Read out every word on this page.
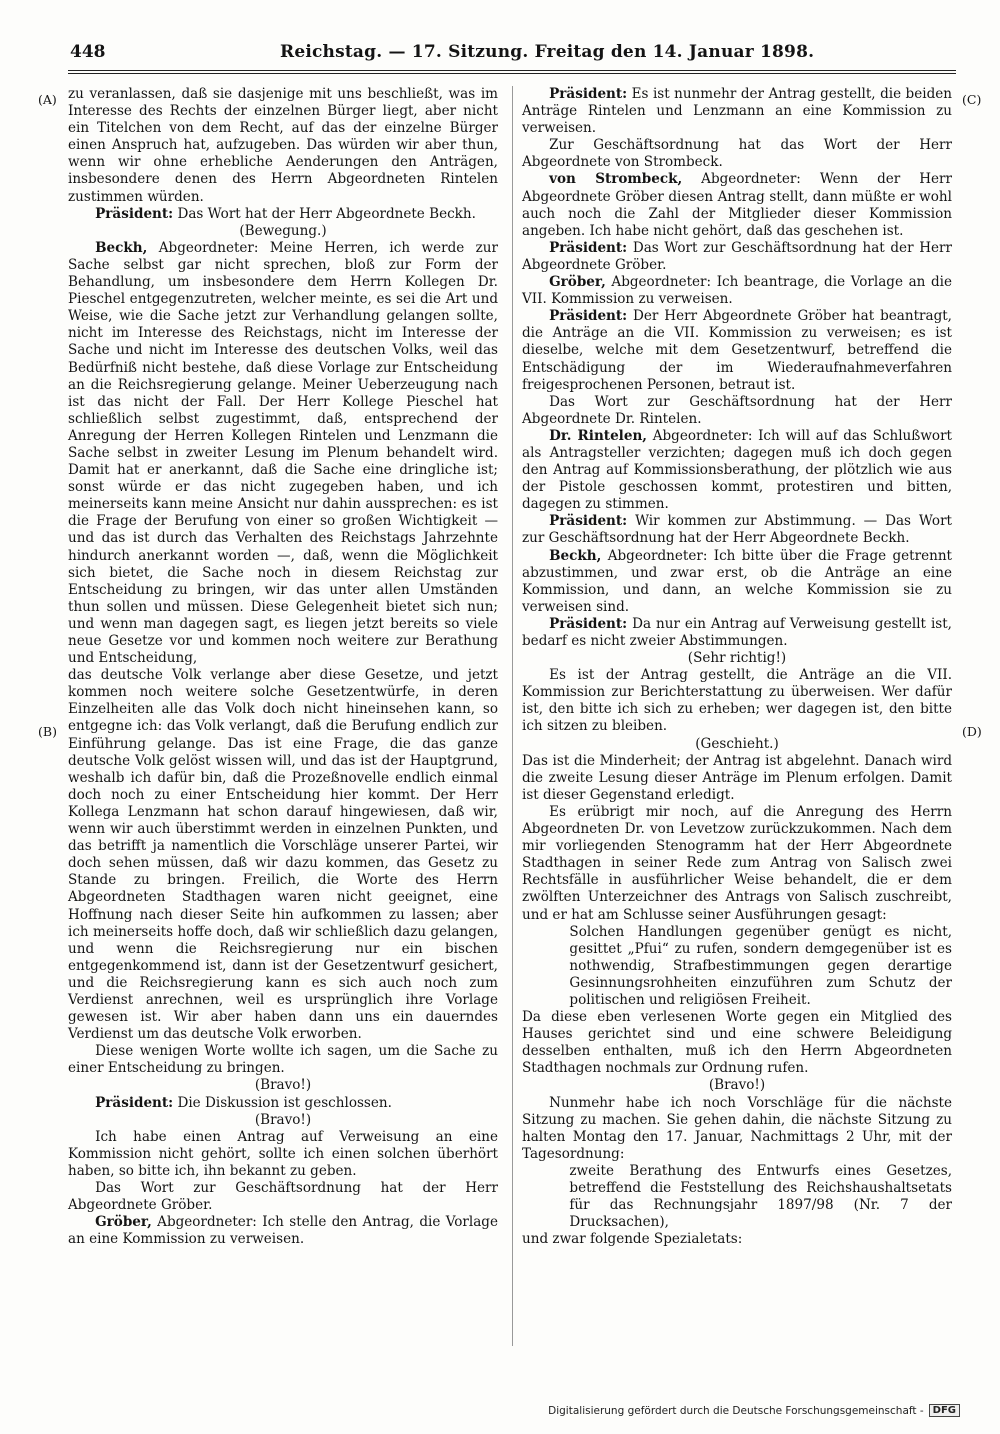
448	Reichstag. — 17. Sitzung. Freitag den 14. Januar 1898.
(A)
(B)
(C)
(D)

zu veranlassen, daß sie dasjenige mit uns beschließt, was im Interesse des Rechts der einzelnen Bürger liegt, aber nicht ein Titelchen von dem Recht, auf das der einzelne Bürger einen Anspruch hat, aufzugeben. Das würden wir aber thun, wenn wir ohne erhebliche Aenderungen den Anträgen, insbesondere denen des Herrn Abgeordneten Rintelen zustimmen würden.

Präsident: Das Wort hat der Herr Abgeordnete Beckh.

(Bewegung.)

Beckh, Abgeordneter: Meine Herren, ich werde zur Sache selbst gar nicht sprechen, bloß zur Form der Behandlung, um insbesondere dem Herrn Kollegen Dr. Pieschel entgegenzutreten, welcher meinte, es sei die Art und Weise, wie die Sache jetzt zur Verhandlung gelangen sollte, nicht im Interesse des Reichstags, nicht im Interesse der Sache und nicht im Interesse des deutschen Volks, weil das Bedürfniß nicht bestehe, daß diese Vorlage zur Entscheidung an die Reichsregierung gelange. Meiner Ueberzeugung nach ist das nicht der Fall. Der Herr Kollege Pieschel hat schließlich selbst zugestimmt, daß, entsprechend der Anregung der Herren Kollegen Rintelen und Lenzmann die Sache selbst in zweiter Lesung im Plenum behandelt wird. Damit hat er anerkannt, daß die Sache eine dringliche ist; sonst würde er das nicht zugegeben haben, und ich meinerseits kann meine Ansicht nur dahin aussprechen: es ist die Frage der Berufung von einer so großen Wichtigkeit — und das ist durch das Verhalten des Reichstags Jahrzehnte hindurch anerkannt worden —, daß, wenn die Möglichkeit sich bietet, die Sache noch in diesem Reichstag zur Entscheidung zu bringen, wir das unter allen Umständen thun sollen und müssen. Diese Gelegenheit bietet sich nun; und wenn man dagegen sagt, es liegen jetzt bereits so viele neue Gesetze vor und kommen noch weitere zur Berathung und Entscheidung,

das deutsche Volk verlange aber diese Gesetze, und jetzt kommen noch weitere solche Gesetzentwürfe, in deren Einzelheiten alle das Volk doch nicht hineinsehen kann, so entgegne ich: das Volk verlangt, daß die Berufung endlich zur Einführung gelange. Das ist eine Frage, die das ganze deutsche Volk gelöst wissen will, und das ist der Hauptgrund, weshalb ich dafür bin, daß die Prozeßnovelle endlich einmal doch noch zu einer Entscheidung hier kommt. Der Herr Kollega Lenzmann hat schon darauf hingewiesen, daß wir, wenn wir auch überstimmt werden in einzelnen Punkten, und das betrifft ja namentlich die Vorschläge unserer Partei, wir doch sehen müssen, daß wir dazu kommen, das Gesetz zu Stande zu bringen. Freilich, die Worte des Herrn Abgeordneten Stadthagen waren nicht geeignet, eine Hoffnung nach dieser Seite hin aufkommen zu lassen; aber ich meinerseits hoffe doch, daß wir schließlich dazu gelangen, und wenn die Reichsregierung nur ein bischen entgegenkommend ist, dann ist der Gesetzentwurf gesichert, und die Reichsregierung kann es sich auch noch zum Verdienst anrechnen, weil es ursprünglich ihre Vorlage gewesen ist. Wir aber haben dann uns ein dauerndes Verdienst um das deutsche Volk erworben.

Diese wenigen Worte wollte ich sagen, um die Sache zu einer Entscheidung zu bringen.

(Bravo!)

Präsident: Die Diskussion ist geschlossen.

(Bravo!)

Ich habe einen Antrag auf Verweisung an eine Kommission nicht gehört, sollte ich einen solchen überhört haben, so bitte ich, ihn bekannt zu geben.

Das Wort zur Geschäftsordnung hat der Herr Abgeordnete Gröber.

Gröber, Abgeordneter: Ich stelle den Antrag, die Vorlage an eine Kommission zu verweisen.

Präsident: Es ist nunmehr der Antrag gestellt, die beiden Anträge Rintelen und Lenzmann an eine Kommission zu verweisen.

Zur Geschäftsordnung hat das Wort der Herr Abgeordnete von Strombeck.

von Strombeck, Abgeordneter: Wenn der Herr Abgeordnete Gröber diesen Antrag stellt, dann müßte er wohl auch noch die Zahl der Mitglieder dieser Kommission angeben. Ich habe nicht gehört, daß das geschehen ist.

Präsident: Das Wort zur Geschäftsordnung hat der Herr Abgeordnete Gröber.

Gröber, Abgeordneter: Ich beantrage, die Vorlage an die VII. Kommission zu verweisen.

Präsident: Der Herr Abgeordnete Gröber hat beantragt, die Anträge an die VII. Kommission zu verweisen; es ist dieselbe, welche mit dem Gesetzentwurf, betreffend die Entschädigung der im Wiederaufnahmeverfahren freigesprochenen Personen, betraut ist.

Das Wort zur Geschäftsordnung hat der Herr Abgeordnete Dr. Rintelen.

Dr. Rintelen, Abgeordneter: Ich will auf das Schlußwort als Antragsteller verzichten; dagegen muß ich doch gegen den Antrag auf Kommissionsberathung, der plötzlich wie aus der Pistole geschossen kommt, protestiren und bitten, dagegen zu stimmen.

Präsident: Wir kommen zur Abstimmung. — Das Wort zur Geschäftsordnung hat der Herr Abgeordnete Beckh.

Beckh, Abgeordneter: Ich bitte über die Frage getrennt abzustimmen, und zwar erst, ob die Anträge an eine Kommission, und dann, an welche Kommission sie zu verweisen sind.

Präsident: Da nur ein Antrag auf Verweisung gestellt ist, bedarf es nicht zweier Abstimmungen.

(Sehr richtig!)

Es ist der Antrag gestellt, die Anträge an die VII. Kommission zur Berichterstattung zu überweisen. Wer dafür ist, den bitte ich sich zu erheben; wer dagegen ist, den bitte ich sitzen zu bleiben.

(Geschieht.)

Das ist die Minderheit; der Antrag ist abgelehnt. Danach wird die zweite Lesung dieser Anträge im Plenum erfolgen. Damit ist dieser Gegenstand erledigt.

Es erübrigt mir noch, auf die Anregung des Herrn Abgeordneten Dr. von Levetzow zurückzukommen. Nach dem mir vorliegenden Stenogramm hat der Herr Abgeordnete Stadthagen in seiner Rede zum Antrag von Salisch zwei Rechtsfälle in ausführlicher Weise behandelt, die er dem zwölften Unterzeichner des Antrags von Salisch zuschreibt, und er hat am Schlusse seiner Ausführungen gesagt:

Solchen Handlungen gegenüber genügt es nicht, gesittet „Pfui“ zu rufen, sondern demgegenüber ist es nothwendig, Strafbestimmungen gegen derartige Gesinnungsrohheiten einzuführen zum Schutz der politischen und religiösen Freiheit.

Da diese eben verlesenen Worte gegen ein Mitglied des Hauses gerichtet sind und eine schwere Beleidigung desselben enthalten, muß ich den Herrn Abgeordneten Stadthagen nochmals zur Ordnung rufen.

(Bravo!)

Nunmehr habe ich noch Vorschläge für die nächste Sitzung zu machen. Sie gehen dahin, die nächste Sitzung zu halten Montag den 17. Januar, Nachmittags 2 Uhr, mit der Tagesordnung:

zweite Berathung des Entwurfs eines Gesetzes, betreffend die Feststellung des Reichshaushaltsetats für das Rechnungsjahr 1897/98 (Nr. 7 der Drucksachen),

und zwar folgende Spezialetats:

Digitalisierung gefördert durch die Deutsche Forschungsgemeinschaft - DFG
